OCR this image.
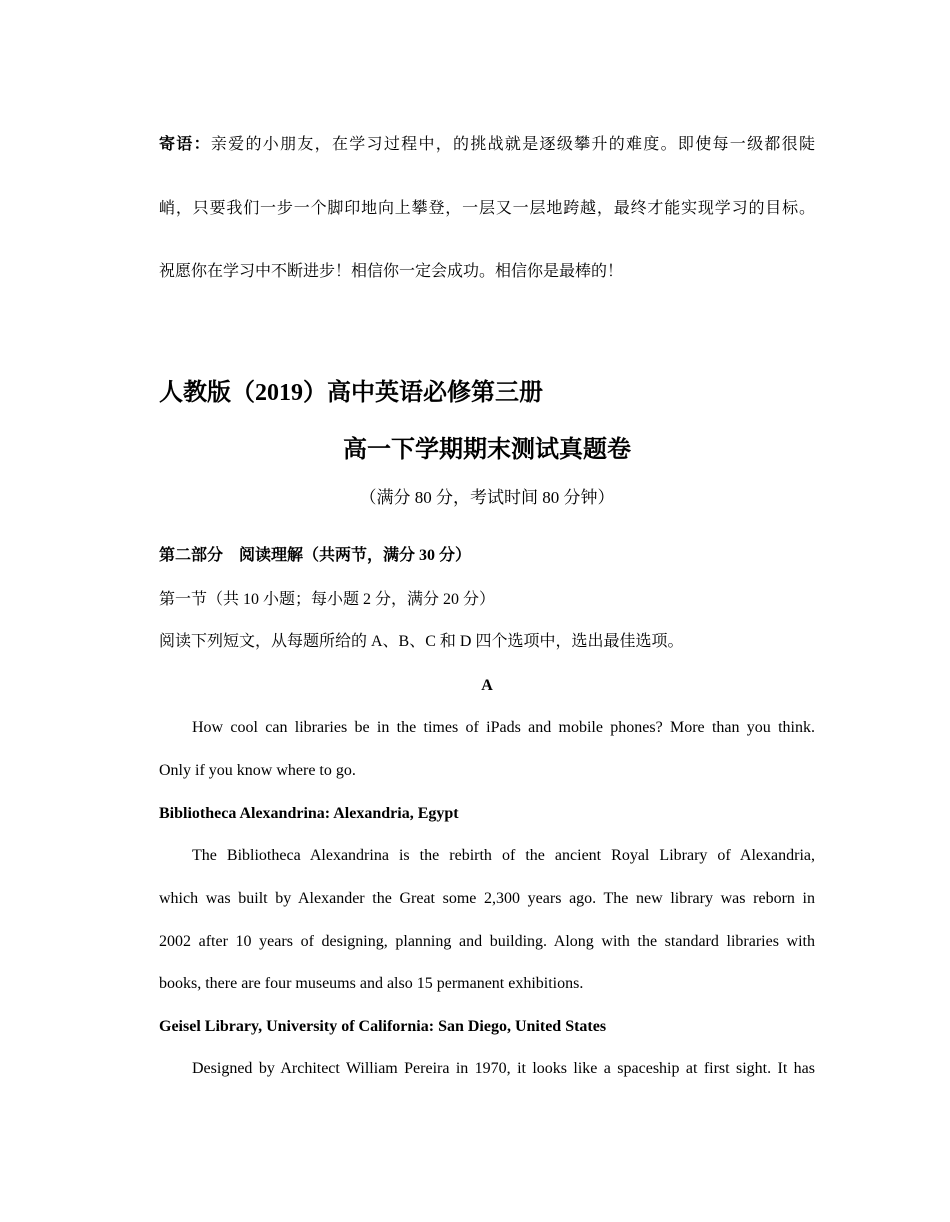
寄语：亲爱的小朋友，在学习过程中，的挑战就是逐级攀升的难度。即使每一级都很陡
峭，只要我们一步一个脚印地向上攀登，一层又一层地跨越，最终才能实现学习的目标。
祝愿你在学习中不断进步！相信你一定会成功。相信你是最棒的！
人教版（2019）高中英语必修第三册
高一下学期期末测试真题卷
（满分 80 分，考试时间 80 分钟）
第二部分　阅读理解（共两节，满分 30 分）
第一节（共 10 小题；每小题 2 分，满分 20 分）
阅读下列短文，从每题所给的 A、B、C 和 D 四个选项中，选出最佳选项。
A
How cool can libraries be in the times of iPads and mobile phones? More than you think.
Only if you know where to go.
Bibliotheca Alexandrina: Alexandria, Egypt
The Bibliotheca Alexandrina is the rebirth of the ancient Royal Library of Alexandria,
which was built by Alexander the Great some 2,300 years ago. The new library was reborn in
2002 after 10 years of designing, planning and building. Along with the standard libraries with
books, there are four museums and also 15 permanent exhibitions.
Geisel Library, University of California: San Diego, United States
Designed by Architect William Pereira in 1970, it looks like a spaceship at first sight. It has
